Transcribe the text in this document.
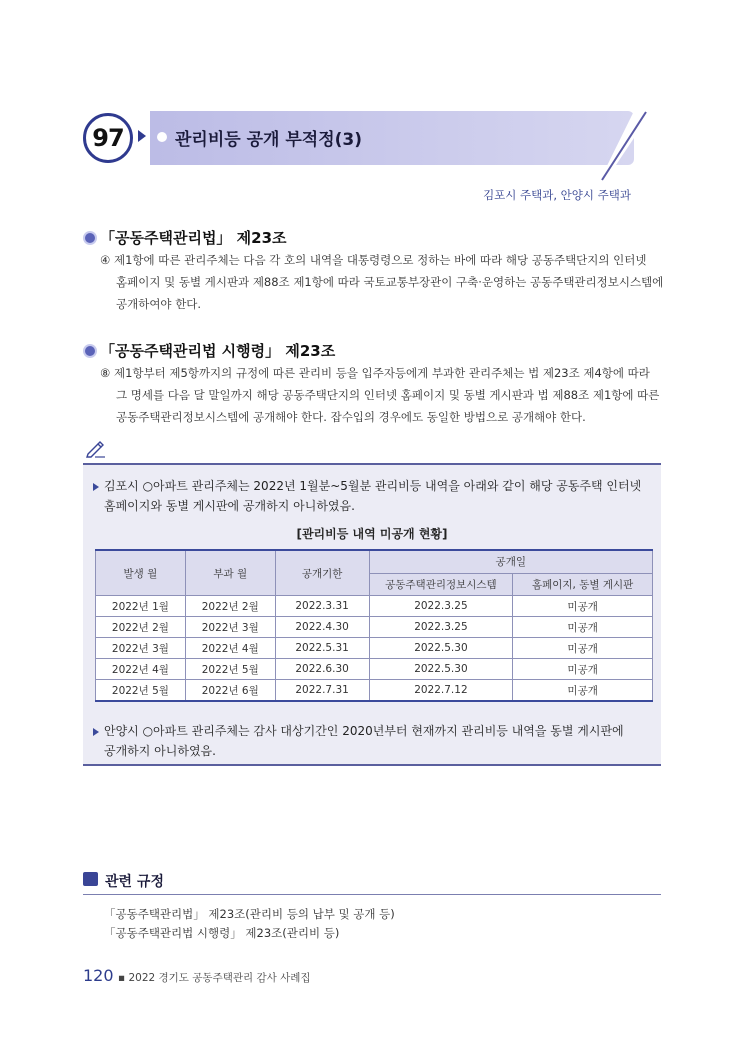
97	관리비등 공개 부적정(3)
김포시 주택과, 안양시 주택과
「공동주택관리법」 제23조
④ 제1항에 따른 관리주체는 다음 각 호의 내역을 대통령령으로 정하는 바에 따라 해당 공동주택단지의 인터넷
홈페이지 및 동별 게시판과 제88조 제1항에 따라 국토교통부장관이 구축·운영하는 공동주택관리정보시스템에
공개하여야 한다.
「공동주택관리법 시행령」 제23조
⑧ 제1항부터 제5항까지의 규정에 따른 관리비 등을 입주자등에게 부과한 관리주체는 법 제23조 제4항에 따라
그 명세를 다음 달 말일까지 해당 공동주택단지의 인터넷 홈페이지 및 동별 게시판과 법 제88조 제1항에 따른
공동주택관리정보시스템에 공개해야 한다. 잡수입의 경우에도 동일한 방법으로 공개해야 한다.
김포시 ○아파트 관리주체는 2022년 1월분~5월분 관리비등 내역을 아래와 같이 해당 공동주택 인터넷
홈페이지와 동별 게시판에 공개하지 아니하였음.
[관리비등 내역 미공개 현황]
발생 월	부과 월	공개기한	공개일	
			공동주택관리정보시스템	홈페이지, 동별 게시판
2022년 1월	2022년 2월	2022.3.31	2022.3.25	미공개
2022년 2월	2022년 3월	2022.4.30	2022.3.25	미공개
2022년 3월	2022년 4월	2022.5.31	2022.5.30	미공개
2022년 4월	2022년 5월	2022.6.30	2022.5.30	미공개
2022년 5월	2022년 6월	2022.7.31	2022.7.12	미공개
안양시 ○아파트 관리주체는 감사 대상기간인 2020년부터 현재까지 관리비등 내역을 동별 게시판에
공개하지 아니하였음.
관련 규정
「공동주택관리법」 제23조(관리비 등의 납부 및 공개 등)
「공동주택관리법 시행령」 제23조(관리비 등)
120 ▪ 2022 경기도 공동주택관리 감사 사례집
